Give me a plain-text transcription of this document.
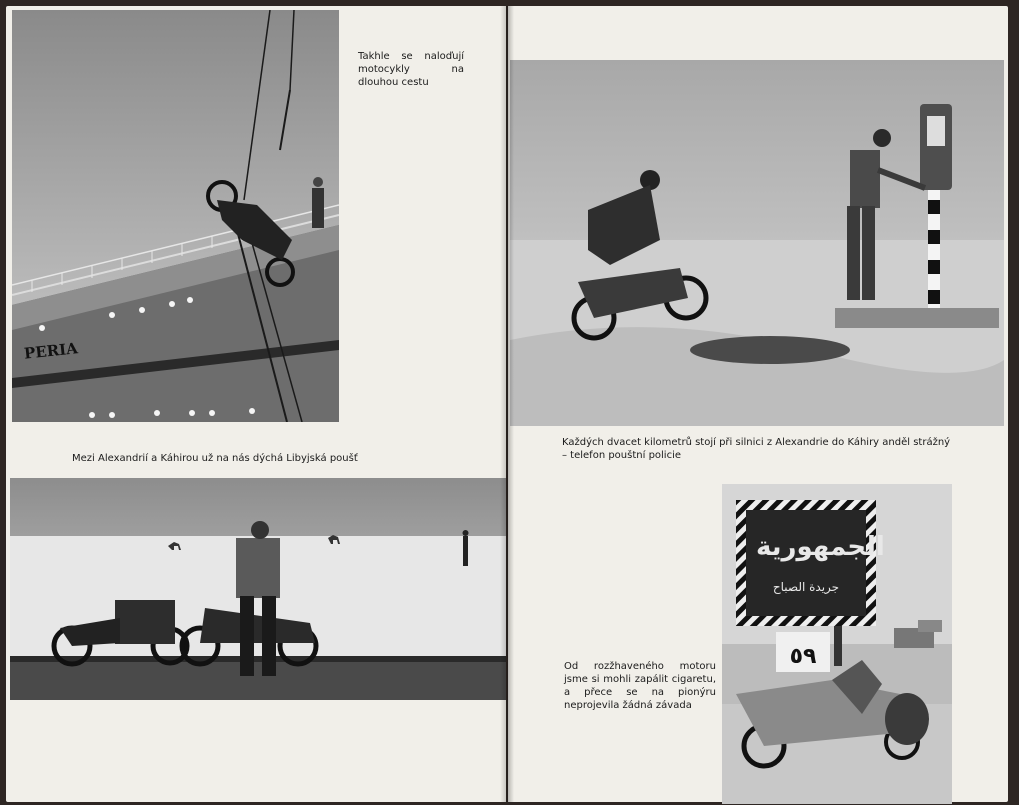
PERIA
Takhle se naloďují motocykly na dlouhou cestu
Mezi Alexandrií a Káhirou už na nás dýchá Libyjská poušť
Každých dvacet kilometrů stojí při silnici z Alexandrie do Káhiry anděl strážný – telefon pouštní policie
الجمهورية
جريدة الصباح
٥٩
Od rozžhaveného motoru jsme si mohli zapálit cigaretu, a přece se na pionýru neprojevila žádná závada
